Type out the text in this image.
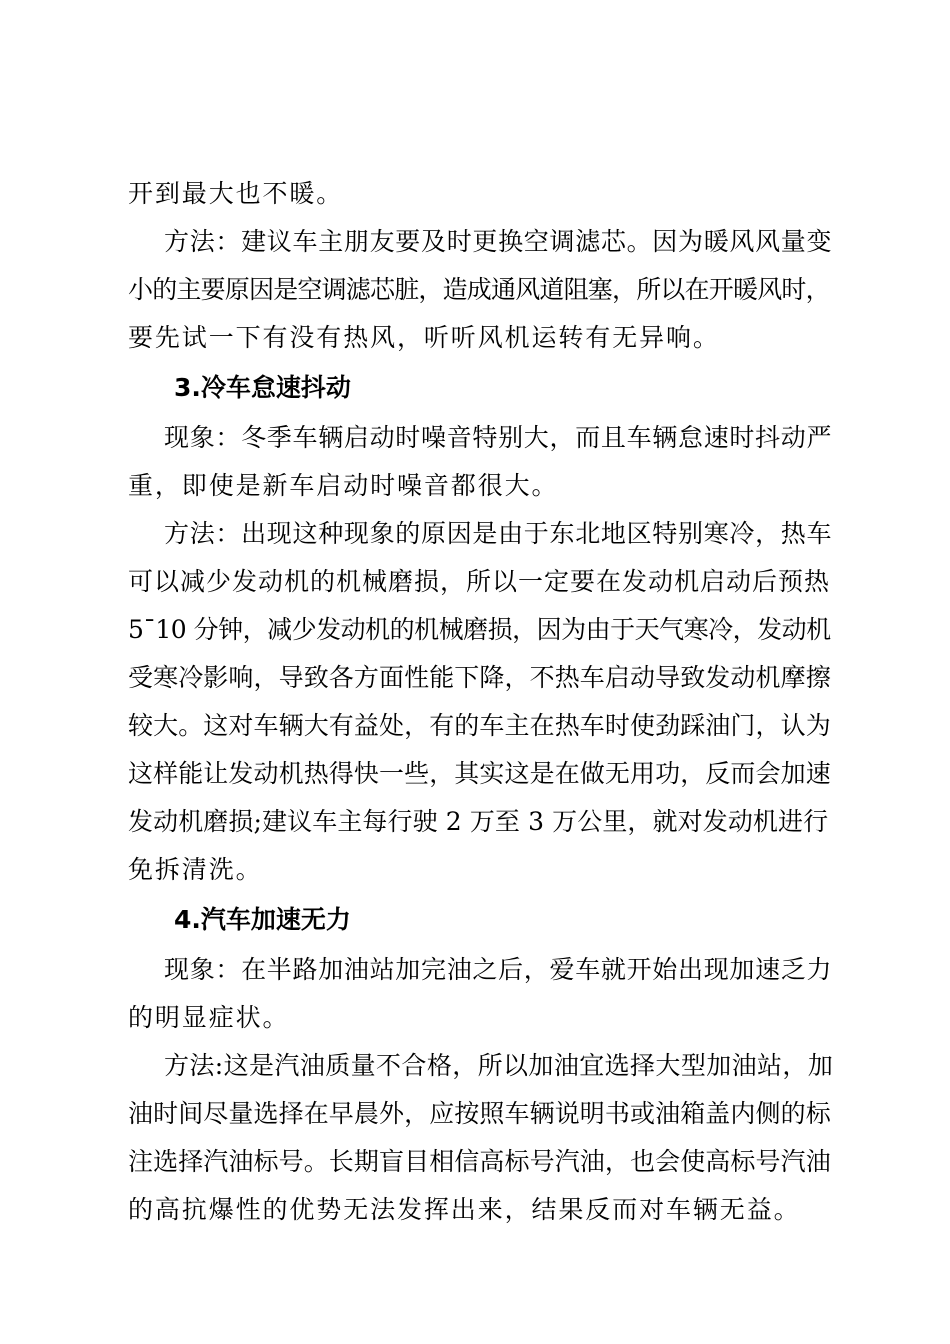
开到最大也不暖。
方法：建议车主朋友要及时更换空调滤芯。因为暖风风量变
小的主要原因是空调滤芯脏，造成通风道阻塞，所以在开暖风时，
要先试一下有没有热风，听听风机运转有无异响。
3.冷车怠速抖动
现象：冬季车辆启动时噪音特别大，而且车辆怠速时抖动严
重，即使是新车启动时噪音都很大。
方法：出现这种现象的原因是由于东北地区特别寒冷，热车
可以减少发动机的机械磨损，所以一定要在发动机启动后预热
5¯10 分钟，减少发动机的机械磨损，因为由于天气寒冷，发动机
受寒冷影响，导致各方面性能下降，不热车启动导致发动机摩擦
较大。这对车辆大有益处，有的车主在热车时使劲踩油门，认为
这样能让发动机热得快一些，其实这是在做无用功，反而会加速
发动机磨损;建议车主每行驶 2 万至 3 万公里，就对发动机进行
免拆清洗。
4.汽车加速无力
现象：在半路加油站加完油之后，爱车就开始出现加速乏力
的明显症状。
方法:这是汽油质量不合格，所以加油宜选择大型加油站，加
油时间尽量选择在早晨外，应按照车辆说明书或油箱盖内侧的标
注选择汽油标号。长期盲目相信高标号汽油，也会使高标号汽油
的高抗爆性的优势无法发挥出来，结果反而对车辆无益。
